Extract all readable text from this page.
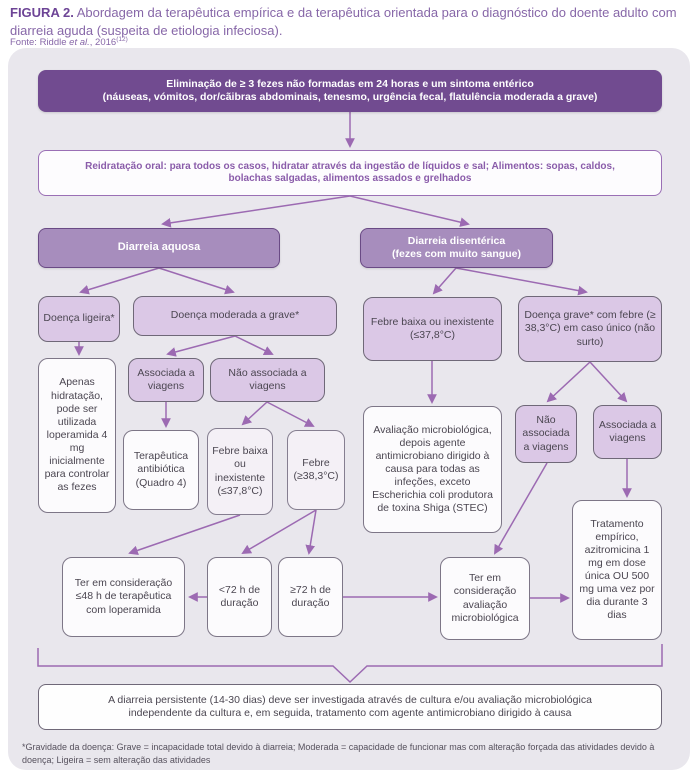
FIGURA 2. Abordagem da terapêutica empírica e da terapêutica orientada para o diagnóstico do doente adulto com diarreia aguda (suspeita de etiologia infeciosa).

Fonte: Riddle et al., 2016$^{(12)}$

Eliminação de ≥ 3 fezes não formadas em 24 horas e um sintoma entérico
(náuseas, vómitos, dor/cãibras abdominais, tenesmo, urgência fecal, flatulência moderada a grave)
Reidratação oral: para todos os casos, hidratar através da ingestão de líquidos e sal; Alimentos: sopas, caldos,
bolachas salgadas, alimentos assados e grelhados
Diarreia aquosa
Diarreia disentérica
(fezes com muito sangue)
Doença ligeira*	Doença moderada a grave*
Febre baixa ou inexistente (≤37,8°C)
Doença grave* com febre (≥ 38,3°C) em caso único (não surto)
Apenas hidratação, pode ser utilizada loperamida 4 mg inicialmente para controlar as fezes
Associada a viagens
Não associada a viagens
Terapêutica antibiótica (Quadro 4)
Febre baixa ou inexistente (≤37,8°C)
Febre (≥38,3°C)
Avaliação microbiológica, depois agente antimicrobiano dirigido à causa para todas as infeções, exceto Escherichia coli produtora de toxina Shiga (STEC)
Não associada a viagens
Associada a viagens
Tratamento empírico, azitromicina 1 mg em dose única OU 500 mg uma vez por dia durante 3 dias
Ter em consideração ≤48 h de terapêutica com loperamida
<72 h de duração
≥72 h de duração
Ter em consideração avaliação microbiológica
A diarreia persistente (14-30 dias) deve ser investigada através de cultura e/ou avaliação microbiológica
independente da cultura e, em seguida, tratamento com agente antimicrobiano dirigido à causa

*Gravidade da doença: Grave = incapacidade total devido à diarreia; Moderada = capacidade de funcionar mas com alteração forçada das atividades devido à doença; Ligeira = sem alteração das atividades
